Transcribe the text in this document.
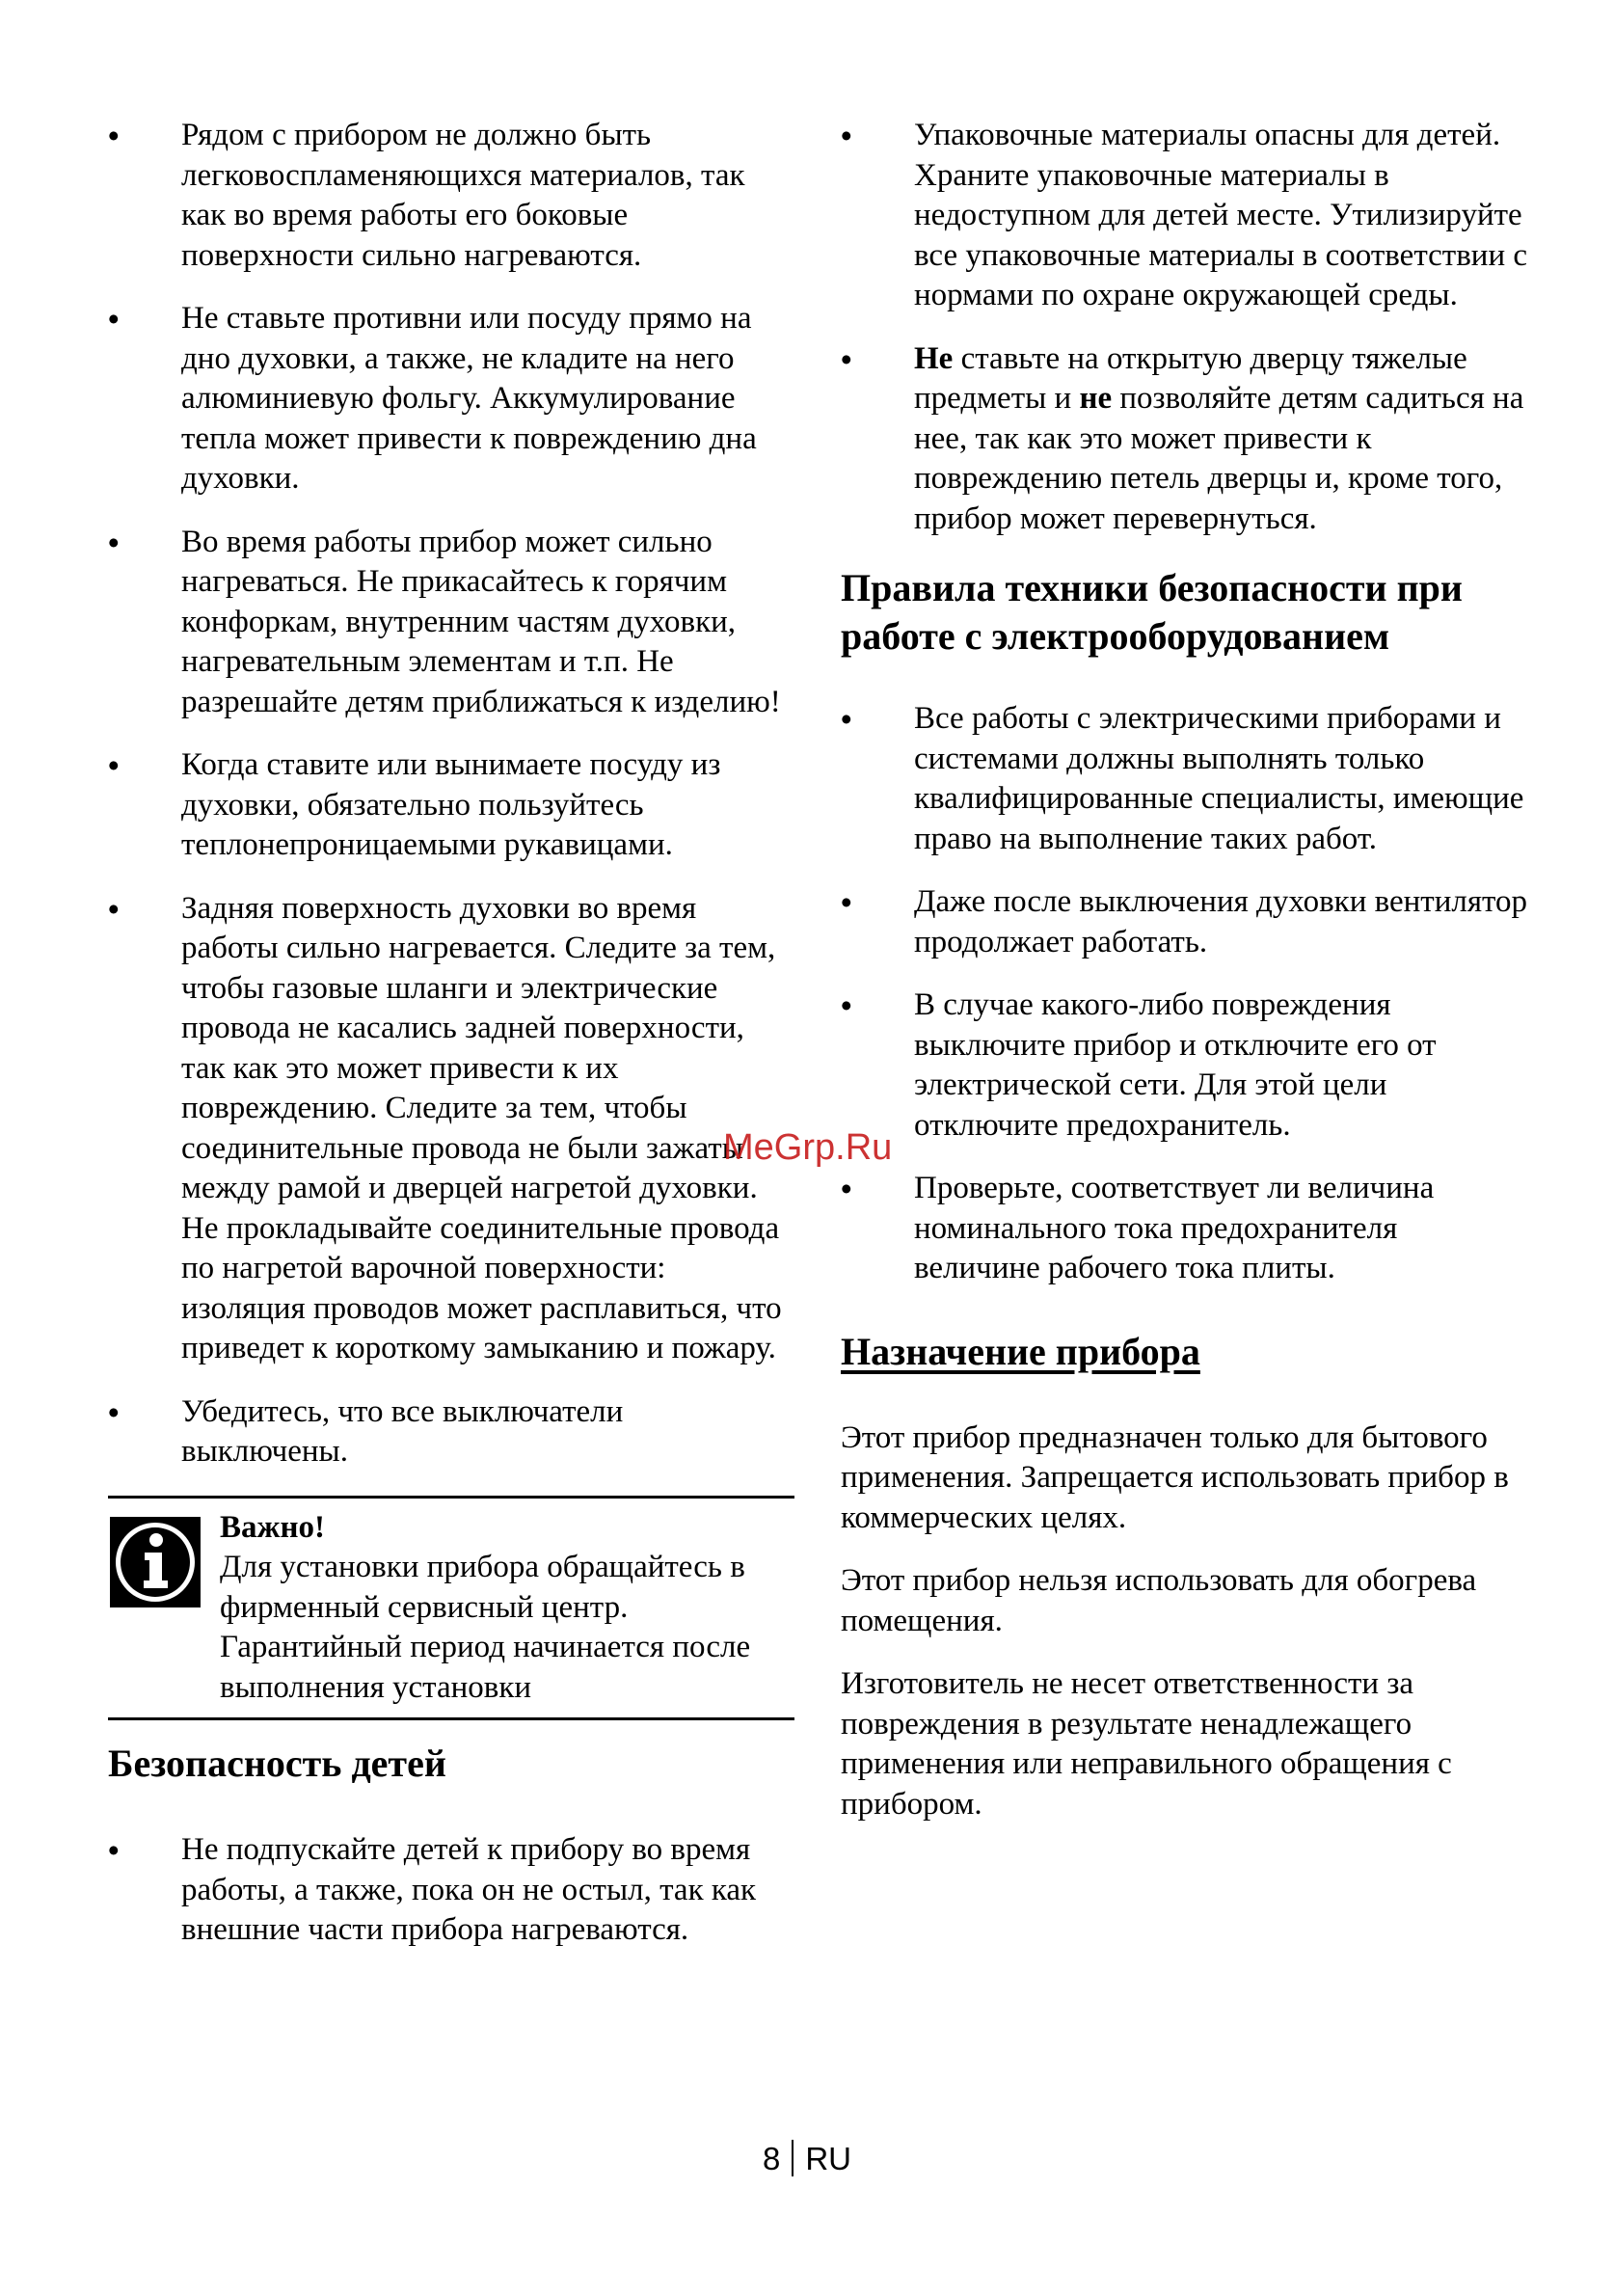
• Рядом с прибором не должно быть легковоспламеняющихся материалов, так как во время работы его боковые поверхности сильно нагреваются.
• Не ставьте противни или посуду прямо на дно духовки, а также, не кладите на него алюминиевую фольгу. Аккумулирование тепла может привести к повреждению дна духовки.
• Во время работы прибор может сильно нагреваться. Не прикасайтесь к горячим конфоркам, внутренним частям духовки, нагревательным элементам и т.п. Не разрешайте детям приближаться к изделию!
• Когда ставите или вынимаете посуду из духовки, обязательно пользуйтесь теплонепроницаемыми рукавицами.
• Задняя поверхность духовки во время работы сильно нагревается. Следите за тем, чтобы газовые шланги и электрические провода не касались задней поверхности, так как это может привести к их повреждению. Следите за тем, чтобы соединительные провода не были зажаты между рамой и дверцей нагретой духовки. Не прокладывайте соединительные провода по нагретой варочной поверхности: изоляция проводов может расплавиться, что приведет к короткому замыканию и пожару.
• Убедитесь, что все выключатели выключены.
Важно!
Для установки прибора обращайтесь в фирменный сервисный центр. Гарантийный период начинается после выполнения установки
Безопасность детей
• Не подпускайте детей к прибору во время работы, а также, пока он не остыл, так как внешние части прибора нагреваются.
• Упаковочные материалы опасны для детей. Храните упаковочные материалы в недоступном для детей месте. Утилизируйте все упаковочные материалы в соответствии с нормами по охране окружающей среды.
• Не ставьте на открытую дверцу тяжелые предметы и не позволяйте детям садиться на нее, так как это может привести к повреждению петель дверцы и, кроме того, прибор может перевернуться.
Правила техники безопасности при работе с электрооборудованием
• Все работы с электрическими приборами и системами должны выполнять только квалифицированные специалисты, имеющие право на выполнение таких работ.
• Даже после выключения духовки вентилятор продолжает работать.
• В случае какого-либо повреждения выключите прибор и отключите его от электрической сети. Для этой цели отключите предохранитель.
• Проверьте, соответствует ли величина номинального тока предохранителя величине рабочего тока плиты.
Назначение прибора

Этот прибор предназначен только для бытового применения. Запрещается использовать прибор в коммерческих целях.

Этот прибор нельзя использовать для обогрева помещения.

Изготовитель не несет ответственности за повреждения в результате ненадлежащего применения или неправильного обращения с прибором.

MeGrp.Ru
8 RU
